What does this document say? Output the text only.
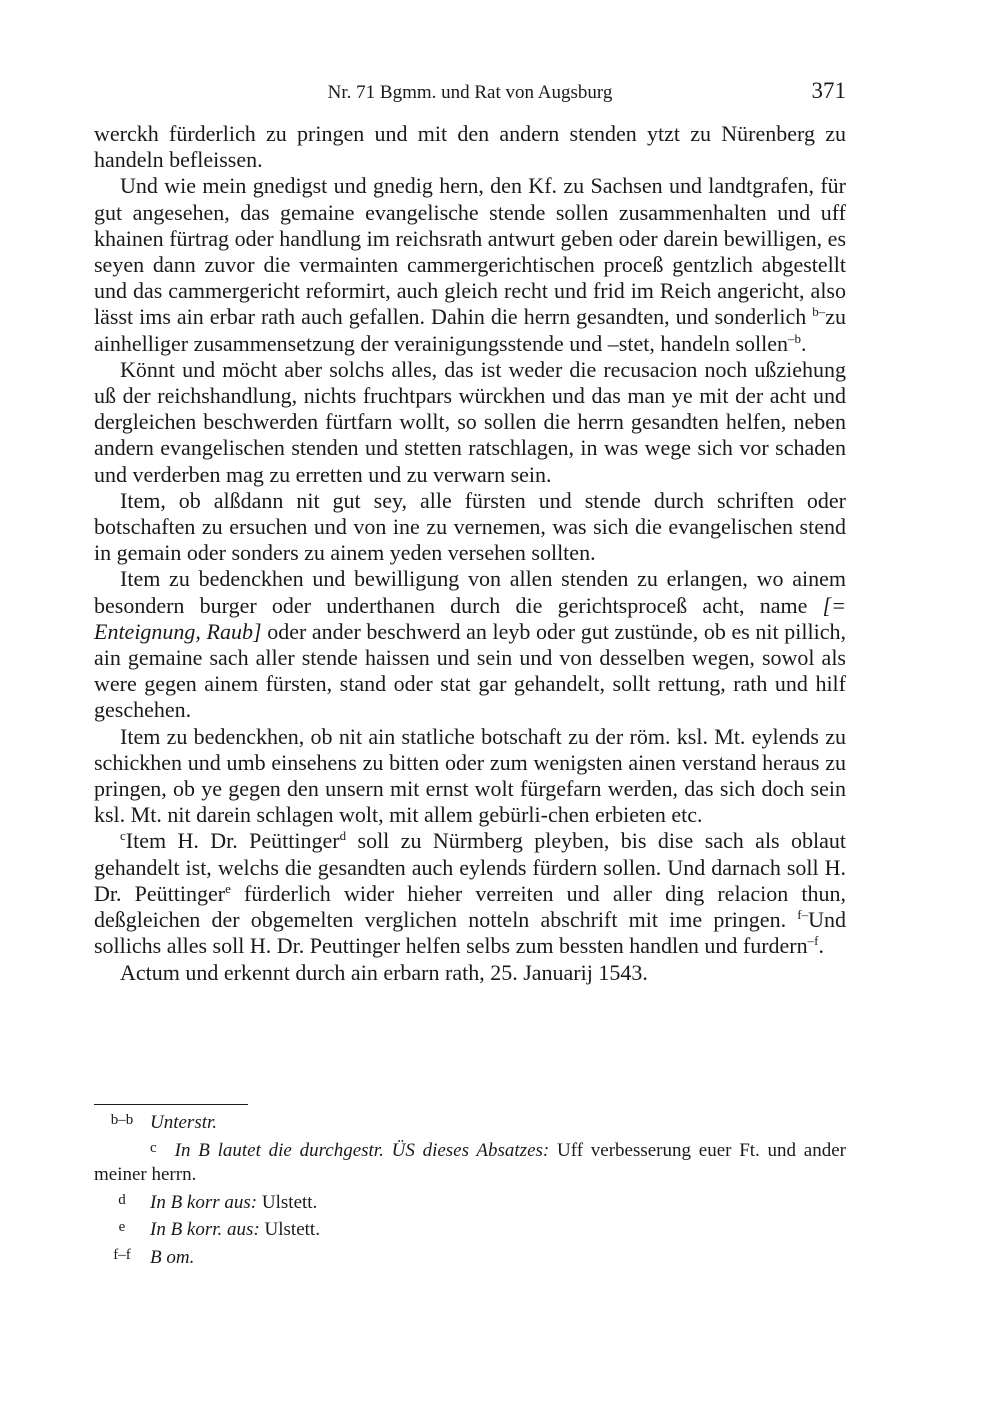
Nr. 71 Bgmm. und Rat von Augsburg	371

werckh fürderlich zu pringen und mit den andern stenden ytzt zu Nürenberg zu handeln befleissen.

Und wie mein gnedigst und gnedig hern, den Kf. zu Sachsen und landtgrafen, für gut angesehen, das gemaine evangelische stende sollen zusammenhalten und uff khainen fürtrag oder handlung im reichsrath antwurt geben oder darein bewilligen, es seyen dann zuvor die vermainten cammergerichtischen proceß gentzlich abgestellt und das cammergericht reformirt, auch gleich recht und frid im Reich angericht, also lässt ims ain erbar rath auch gefallen. Dahin die herrn gesandten, und sonderlich $^{b-}$zu ainhelliger zusammensetzung der verainigungsstende und –stet, handeln sollen$^{-b}$.

Könnt und möcht aber solchs alles, das ist weder die recusacion noch ußziehung uß der reichshandlung, nichts fruchtpars würckhen und das man ye mit der acht und dergleichen beschwerden fürtfarn wollt, so sollen die herrn gesandten helfen, neben andern evangelischen stenden und stetten ratschlagen, in was wege sich vor schaden und verderben mag zu erretten und zu verwarn sein.

Item, ob alßdann nit gut sey, alle fürsten und stende durch schriften oder botschaften zu ersuchen und von ine zu vernemen, was sich die evangelischen stend in gemain oder sonders zu ainem yeden versehen sollten.

Item zu bedenckhen und bewilligung von allen stenden zu erlangen, wo ainem besondern burger oder underthanen durch die gerichtsproceß acht, name [= Enteignung, Raub] oder ander beschwerd an leyb oder gut zustünde, ob es nit pillich, ain gemaine sach aller stende haissen und sein und von desselben wegen, sowol als were gegen ainem fürsten, stand oder stat gar gehandelt, sollt rettung, rath und hilf geschehen.

Item zu bedenckhen, ob nit ain statliche botschaft zu der röm. ksl. Mt. eylends zu schickhen und umb einsehens zu bitten oder zum wenigsten ainen verstand heraus zu pringen, ob ye gegen den unsern mit ernst wolt fürgefarn werden, das sich doch sein ksl. Mt. nit darein schlagen wolt, mit allem gebürli-chen erbieten etc.

$^c$Item H. Dr. Peüttinger$^d$ soll zu Nürmberg pleyben, bis dise sach als oblaut gehandelt ist, welchs die gesandten auch eylends fürdern sollen. Und darnach soll H. Dr. Peüttinger$^e$ fürderlich wider hieher verreiten und aller ding relacion thun, deßgleichen der obgemelten verglichen notteln abschrift mit ime pringen. $^{f-}$Und sollichs alles soll H. Dr. Peuttinger helfen selbs zum bessten handlen und furdern$^{-f}$.

Actum und erkennt durch ain erbarn rath, 25. Januarij 1543.

b–b Unterstr.

c In B lautet die durchgestr. ÜS dieses Absatzes: Uff verbesserung euer Ft. und ander meiner herrn.

d In B korr aus: Ulstett.

e In B korr. aus: Ulstett.

f–f B om.
